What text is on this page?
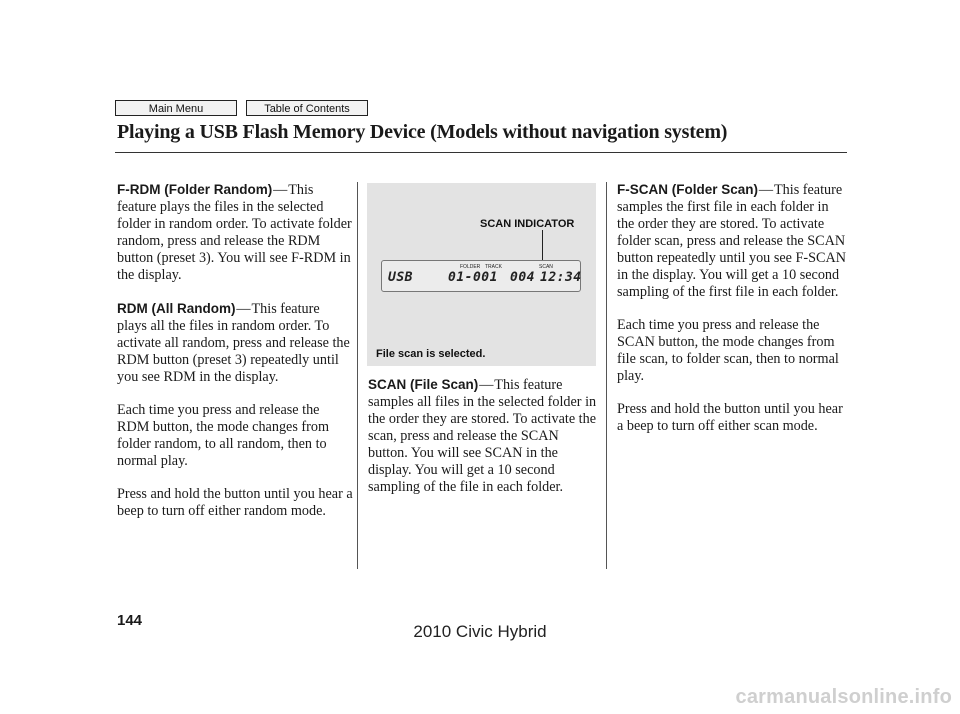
Main Menu	Table of Contents
Playing a USB Flash Memory Device (Models without navigation system)

F-RDM (Folder Random)—This feature plays the files in the selected folder in random order. To activate folder random, press and release the RDM button (preset 3). You will see F-RDM in the display.

RDM (All Random)—This feature plays all the files in random order. To activate all random, press and release the RDM button (preset 3) repeatedly until you see RDM in the display.

Each time you press and release the RDM button, the mode changes from folder random, to all random, then to normal play.

Press and hold the button until you hear a beep to turn off either random mode.

SCAN INDICATOR
FOLDER TRACK	SCAN
USB	01-001 004 12:34
File scan is selected.

SCAN (File Scan)—This feature samples all files in the selected folder in the order they are stored. To activate the scan, press and release the SCAN button. You will see SCAN in the display. You will get a 10 second sampling of the file in each folder.

F-SCAN (Folder Scan)—This feature samples the first file in each folder in the order they are stored. To activate folder scan, press and release the SCAN button repeatedly until you see F-SCAN in the display. You will get a 10 second sampling of the first file in each folder.

Each time you press and release the SCAN button, the mode changes from file scan, to folder scan, then to normal play.

Press and hold the button until you hear a beep to turn off either scan mode.

144
2010 Civic Hybrid
carmanualsonline.info
